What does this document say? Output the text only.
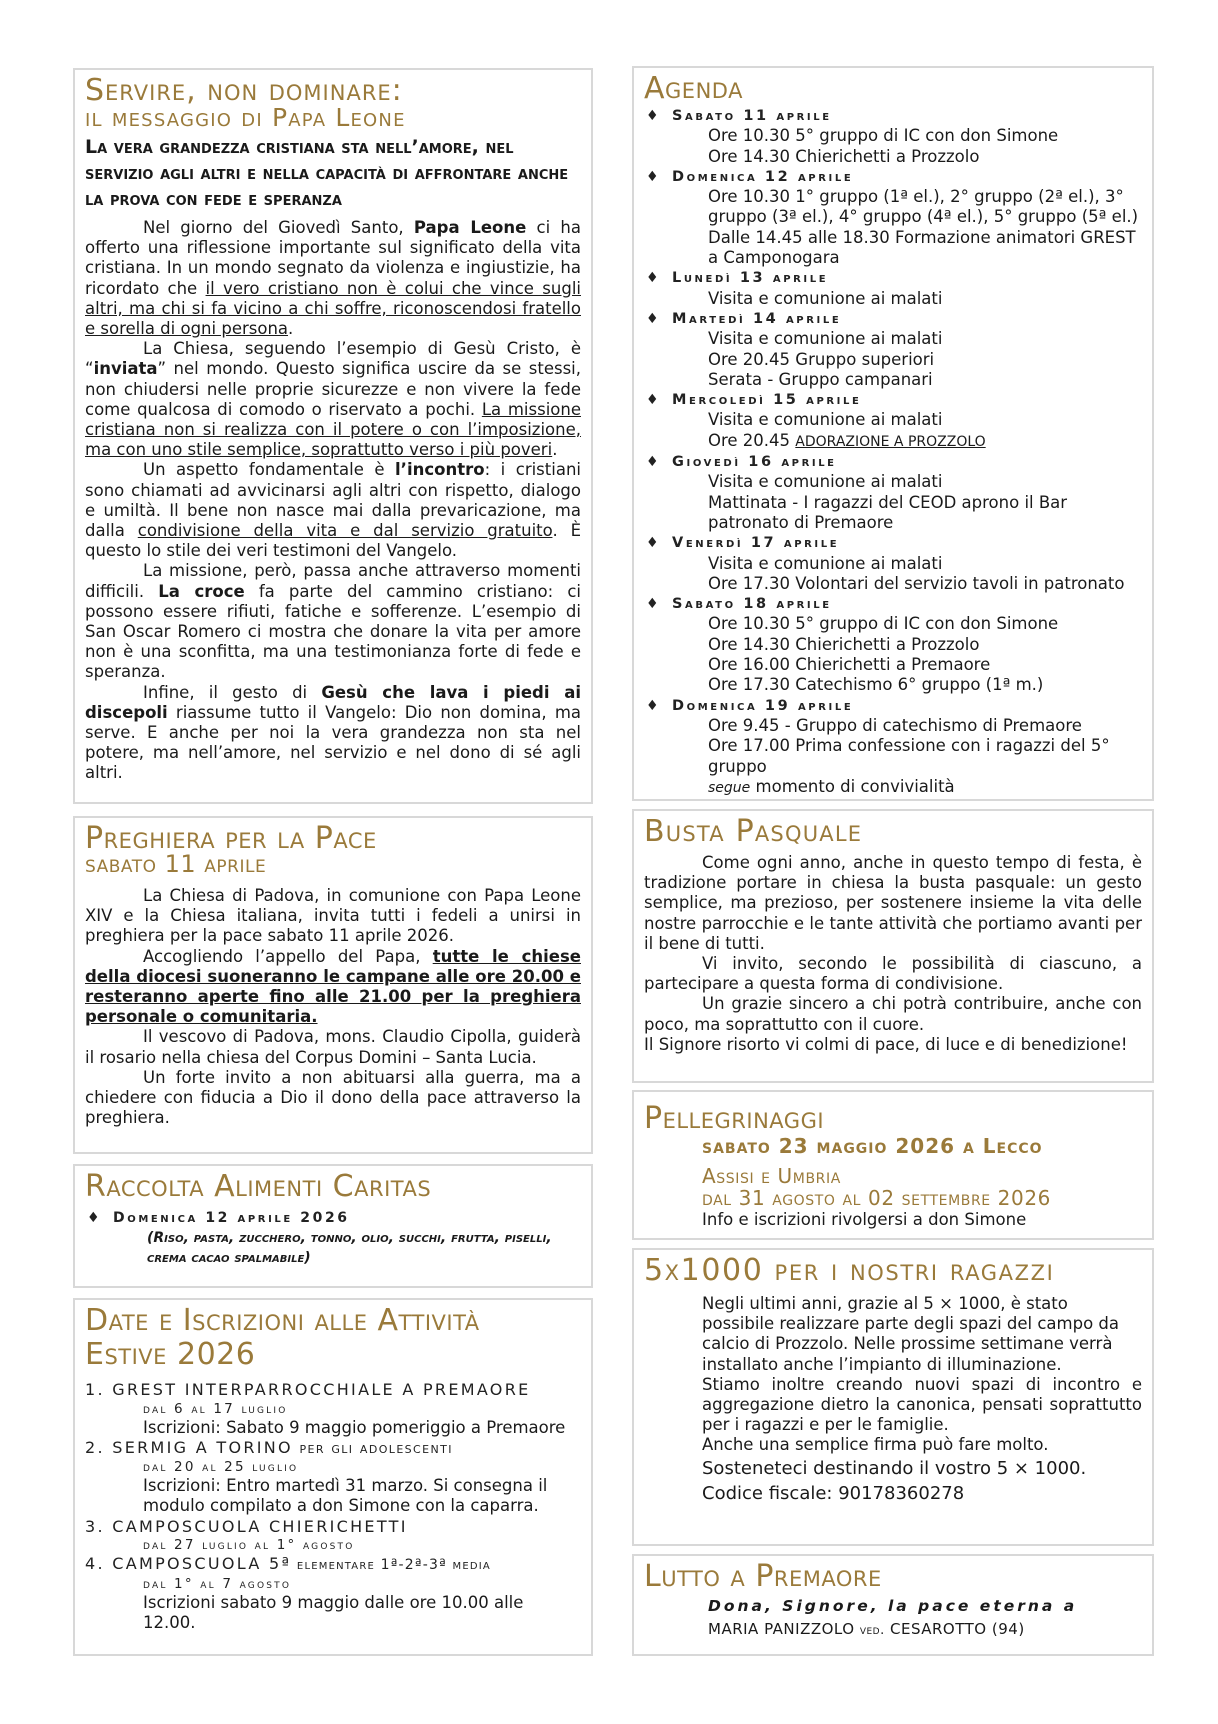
Servire, non dominare:
il messaggio di Papa Leone
La vera grandezza cristiana sta nell’amore, nel servizio agli altri e nella capacità di affrontare anche la prova con fede e speranza

Nel giorno del Giovedì Santo, Papa Leone ci ha offerto una riflessione importante sul significato della vita cristiana. In un mondo segnato da violenza e ingiustizie, ha ricordato che il vero cristiano non è colui che vince sugli altri, ma chi si fa vicino a chi soffre, riconoscendosi fratello e sorella di ogni persona.

La Chiesa, seguendo l’esempio di Gesù Cristo, è “inviata” nel mondo. Questo significa uscire da se stessi, non chiudersi nelle proprie sicurezze e non vivere la fede come qualcosa di comodo o riservato a pochi. La missione cristiana non si realizza con il potere o con l’imposizione, ma con uno stile semplice, soprattutto verso i più poveri.

Un aspetto fondamentale è l’incontro: i cristiani sono chiamati ad avvicinarsi agli altri con rispetto, dialogo e umiltà. Il bene non nasce mai dalla prevaricazione, ma dalla condivisione della vita e dal servizio gratuito. È questo lo stile dei veri testimoni del Vangelo.

La missione, però, passa anche attraverso momenti difficili. La croce fa parte del cammino cristiano: ci possono essere rifiuti, fatiche e sofferenze. L’esempio di San Oscar Romero ci mostra che donare la vita per amore non è una sconfitta, ma una testimonianza forte di fede e speranza.

Infine, il gesto di Gesù che lava i piedi ai discepoli riassume tutto il Vangelo: Dio non domina, ma serve. E anche per noi la vera grandezza non sta nel potere, ma nell’amore, nel servizio e nel dono di sé agli altri.

Preghiera per la Pace
sabato 11 aprile

La Chiesa di Padova, in comunione con Papa Leone XIV e la Chiesa italiana, invita tutti i fedeli a unirsi in preghiera per la pace sabato 11 aprile 2026.

Accogliendo l’appello del Papa, tutte le chiese della diocesi suoneranno le campane alle ore 20.00 e resteranno aperte fino alle 21.00 per la preghiera personale o comunitaria.

Il vescovo di Padova, mons. Claudio Cipolla, guiderà il rosario nella chiesa del Corpus Domini – Santa Lucia.

Un forte invito a non abituarsi alla guerra, ma a chiedere con fiducia a Dio il dono della pace attraverso la preghiera.

Raccolta Alimenti Caritas
♦ Domenica 12 aprile 2026
(Riso, pasta, zucchero, tonno, olio, succhi, frutta, piselli, crema cacao spalmabile)
Date e Iscrizioni alle Attività
Estive 2026
1. GREST INTERPARROCCHIALE A PREMAORE
dal 6 al 17 luglio
Iscrizioni: Sabato 9 maggio pomeriggio a Premaore
2. SERMIG A TORINO per gli adolescenti
dal 20 al 25 luglio
Iscrizioni: Entro martedì 31 marzo. Si consegna il modulo compilato a don Simone con la caparra.
3. CAMPOSCUOLA CHIERICHETTI
dal 27 luglio al 1° agosto
4. CAMPOSCUOLA 5ª elementare 1ª-2ª-3ª media
dal 1° al 7 agosto
Iscrizioni sabato 9 maggio dalle ore 10.00 alle 12.00.
Agenda
♦ Sabato 11 aprile
Ore 10.30 5° gruppo di IC con don Simone
Ore 14.30 Chierichetti a Prozzolo
♦ Domenica 12 aprile
Ore 10.30 1° gruppo (1ª el.), 2° gruppo (2ª el.), 3° gruppo (3ª el.), 4° gruppo (4ª el.), 5° gruppo (5ª el.)
Dalle 14.45 alle 18.30 Formazione animatori GREST a Camponogara
♦ Lunedì 13 aprile
Visita e comunione ai malati
♦ Martedì 14 aprile
Visita e comunione ai malati
Ore 20.45 Gruppo superiori
Serata - Gruppo campanari
♦ Mercoledì 15 aprile
Visita e comunione ai malati
Ore 20.45 ADORAZIONE A PROZZOLO
♦ Giovedì 16 aprile
Visita e comunione ai malati
Mattinata - I ragazzi del CEOD aprono il Bar patronato di Premaore
♦ Venerdì 17 aprile
Visita e comunione ai malati
Ore 17.30 Volontari del servizio tavoli in patronato
♦ Sabato 18 aprile
Ore 10.30 5° gruppo di IC con don Simone
Ore 14.30 Chierichetti a Prozzolo
Ore 16.00 Chierichetti a Premaore
Ore 17.30 Catechismo 6° gruppo (1ª m.)
♦ Domenica 19 aprile
Ore 9.45 - Gruppo di catechismo di Premaore
Ore 17.00 Prima confessione con i ragazzi del 5° gruppo
segue momento di convivialità
Busta Pasquale

Come ogni anno, anche in questo tempo di festa, è tradizione portare in chiesa la busta pasquale: un gesto semplice, ma prezioso, per sostenere insieme la vita delle nostre parrocchie e le tante attività che portiamo avanti per il bene di tutti.

Vi invito, secondo le possibilità di ciascuno, a partecipare a questa forma di condivisione.

Un grazie sincero a chi potrà contribuire, anche con poco, ma soprattutto con il cuore.

Il Signore risorto vi colmi di pace, di luce e di benedizione!

Pellegrinaggi
sabato 23 maggio 2026 a Lecco
Assisi e Umbria
dal 31 agosto al 02 settembre 2026
Info e iscrizioni rivolgersi a don Simone
5x1000 per i nostri ragazzi

Negli ultimi anni, grazie al 5 × 1000, è stato possibile realizzare parte degli spazi del campo da calcio di Prozzolo. Nelle prossime settimane verrà installato anche l’impianto di illuminazione.

Stiamo inoltre creando nuovi spazi di incontro e aggregazione dietro la canonica, pensati soprattutto per i ragazzi e per le famiglie.

Anche una semplice firma può fare molto.

Sosteneteci destinando il vostro 5 × 1000.

Codice fiscale: 90178360278

Lutto a Premaore
Dona, Signore, la pace eterna a
MARIA PANIZZOLO ved. CESAROTTO (94)
